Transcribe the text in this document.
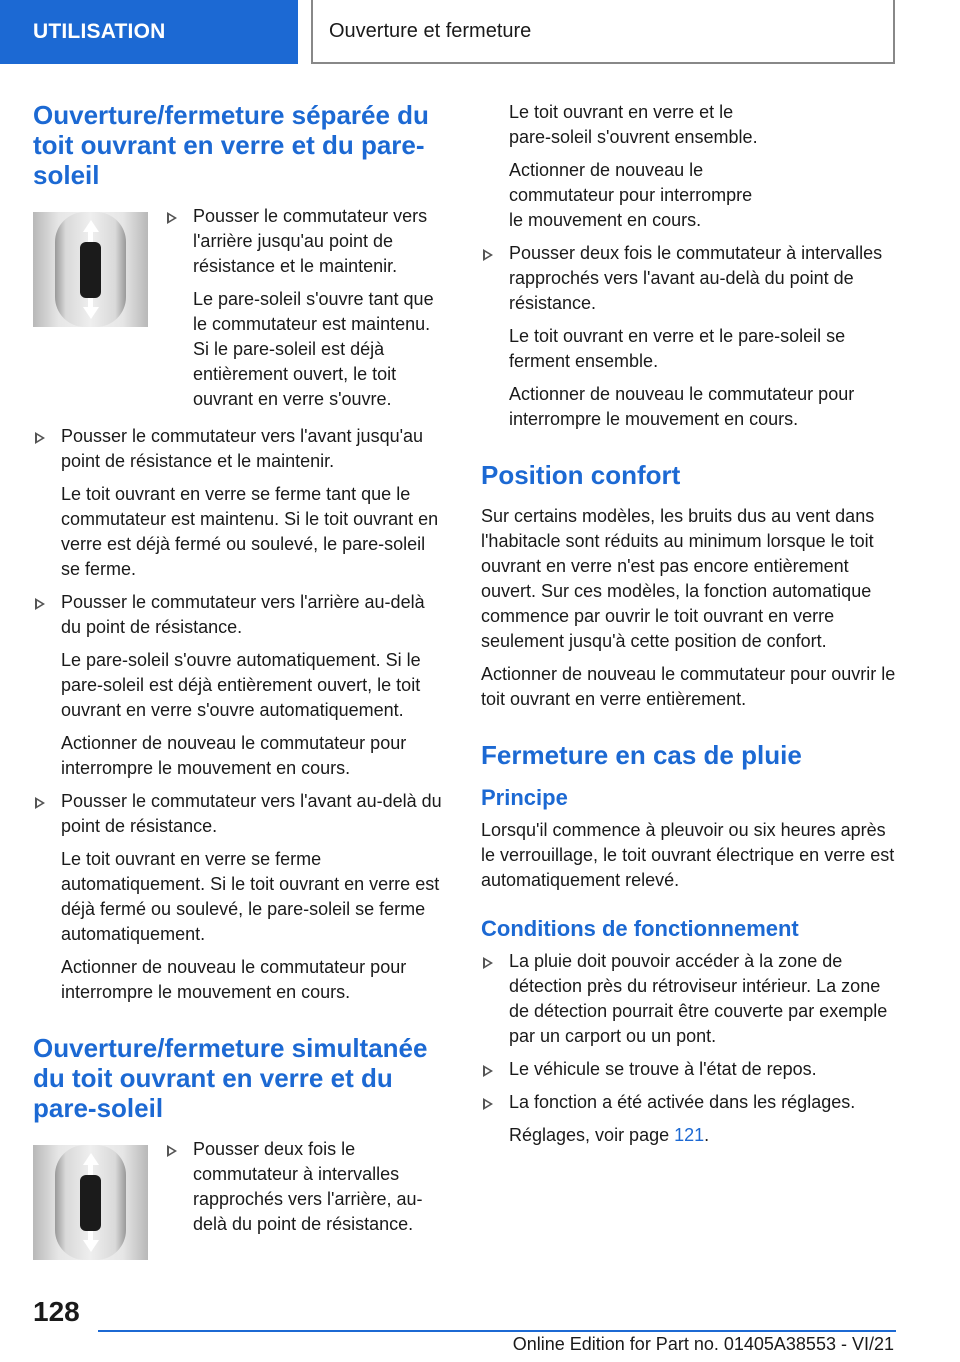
UTILISATION	Ouverture et fermeture
Ouverture/fermeture séparée du toit ouvrant en verre et du pare-soleil

Pousser le commutateur vers l'arrière jusqu'au point de résistance et le maintenir.

Le pare-soleil s'ouvre tant que le commutateur est maintenu. Si le pare-soleil est déjà entièrement ouvert, le toit ouvrant en verre s'ouvre.

Pousser le commutateur vers l'avant jusqu'au point de résistance et le maintenir.

Le toit ouvrant en verre se ferme tant que le commutateur est maintenu. Si le toit ouvrant en verre est déjà fermé ou soulevé, le pare-soleil se ferme.

Pousser le commutateur vers l'arrière au-delà du point de résistance.

Le pare-soleil s'ouvre automatiquement. Si le pare-soleil est déjà entièrement ouvert, le toit ouvrant en verre s'ouvre automatiquement.

Actionner de nouveau le commutateur pour interrompre le mouvement en cours.

Pousser le commutateur vers l'avant au-delà du point de résistance.

Le toit ouvrant en verre se ferme automatiquement. Si le toit ouvrant en verre est déjà fermé ou soulevé, le pare-soleil se ferme automatiquement.

Actionner de nouveau le commutateur pour interrompre le mouvement en cours.

Ouverture/fermeture simultanée du toit ouvrant en verre et du pare-soleil

Pousser deux fois le commutateur à intervalles rapprochés vers l'arrière, au-delà du point de résistance.

Le toit ouvrant en verre et le pare-soleil s'ouvrent ensemble.

Actionner de nouveau le commutateur pour interrompre le mouvement en cours.

Pousser deux fois le commutateur à intervalles rapprochés vers l'avant au-delà du point de résistance.

Le toit ouvrant en verre et le pare-soleil se ferment ensemble.

Actionner de nouveau le commutateur pour interrompre le mouvement en cours.

Position confort

Sur certains modèles, les bruits dus au vent dans l'habitacle sont réduits au minimum lorsque le toit ouvrant en verre n'est pas encore entièrement ouvert. Sur ces modèles, la fonction automatique commence par ouvrir le toit ouvrant en verre seulement jusqu'à cette position de confort.

Actionner de nouveau le commutateur pour ouvrir le toit ouvrant en verre entièrement.

Fermeture en cas de pluie
Principe

Lorsqu'il commence à pleuvoir ou six heures après le verrouillage, le toit ouvrant électrique en verre est automatiquement relevé.

Conditions de fonctionnement

La pluie doit pouvoir accéder à la zone de détection près du rétroviseur intérieur. La zone de détection pourrait être couverte par exemple par un carport ou un pont.

Le véhicule se trouve à l'état de repos.

La fonction a été activée dans les réglages.

Réglages, voir page 121.

128
Online Edition for Part no. 01405A38553 - VI/21
